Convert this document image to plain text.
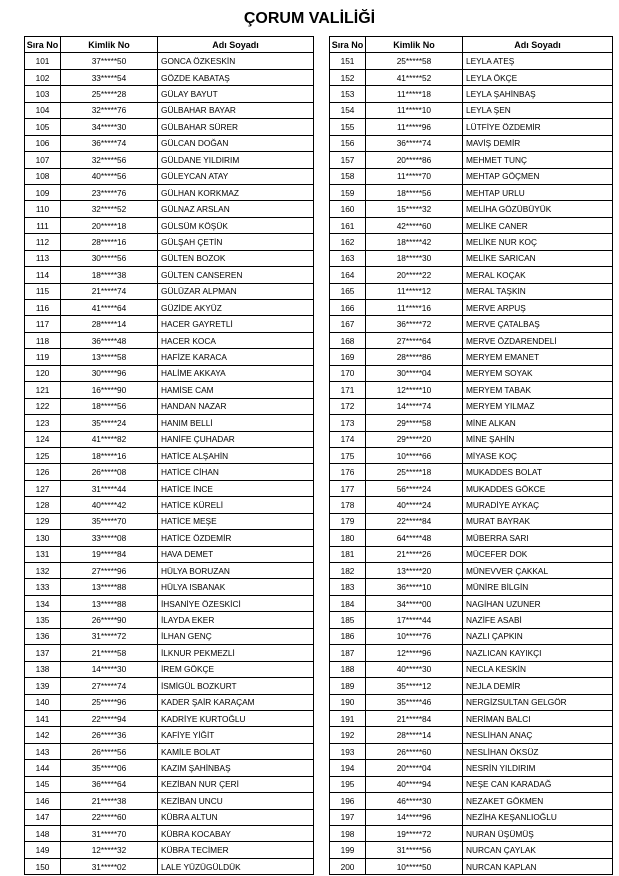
ÇORUM VALİLİĞİ
Sıra No	Kimlik No	Adı Soyadı
101	37*****50	GONCA ÖZKESKİN
102	33*****54	GÖZDE KABATAŞ
103	25*****28	GÜLAY BAYUT
104	32*****76	GÜLBAHAR BAYAR
105	34*****30	GÜLBAHAR SÜRER
106	36*****74	GÜLCAN DOĞAN
107	32*****56	GÜLDANE YILDIRIM
108	40*****56	GÜLEYCAN ATAY
109	23*****76	GÜLHAN KORKMAZ
110	32*****52	GÜLNAZ ARSLAN
111	20*****18	GÜLSÜM KÖŞÜK
112	28*****16	GÜLŞAH ÇETİN
113	30*****56	GÜLTEN BOZOK
114	18*****38	GÜLTEN CANSEREN
115	21*****74	GÜLÜZAR ALPMAN
116	41*****64	GÜZİDE AKYÜZ
117	28*****14	HACER GAYRETLİ
118	36*****48	HACER KOCA
119	13*****58	HAFİZE KARACA
120	30*****96	HALİME AKKAYA
121	16*****90	HAMİSE CAM
122	18*****56	HANDAN NAZAR
123	35*****24	HANIM BELLİ
124	41*****82	HANİFE ÇUHADAR
125	18*****16	HATİCE ALŞAHİN
126	26*****08	HATİCE CİHAN
127	31*****44	HATİCE İNCE
128	40*****42	HATİCE KÜRELİ
129	35*****70	HATİCE MEŞE
130	33*****08	HATİCE ÖZDEMİR
131	19*****84	HAVA DEMET
132	27*****96	HÜLYA BORUZAN
133	13*****88	HÜLYA ISBANAK
134	13*****88	İHSANİYE ÖZESKİCİ
135	26*****90	İLAYDA EKER
136	31*****72	İLHAN GENÇ
137	21*****58	İLKNUR PEKMEZLİ
138	14*****30	İREM GÖKÇE
139	27*****74	İSMİGÜL BOZKURT
140	25*****96	KADER ŞAİR KARAÇAM
141	22*****94	KADRİYE KURTOĞLU
142	26*****36	KAFİYE YİĞİT
143	26*****56	KAMİLE BOLAT
144	35*****06	KAZIM ŞAHİNBAŞ
145	36*****64	KEZİBAN NUR ÇERİ
146	21*****38	KEZİBAN UNCU
147	22*****60	KÜBRA ALTUN
148	31*****70	KÜBRA KOCABAY
149	12*****32	KÜBRA TECİMER
150	31*****02	LALE YÜZÜGÜLDÜK
Sıra No	Kimlik No	Adı Soyadı
151	25*****58	LEYLA ATEŞ
152	41*****52	LEYLA ÖKÇE
153	11*****18	LEYLA ŞAHİNBAŞ
154	11*****10	LEYLA ŞEN
155	11*****96	LÜTFİYE ÖZDEMİR
156	36*****74	MAVİŞ DEMİR
157	20*****86	MEHMET TUNÇ
158	11*****70	MEHTAP GÖÇMEN
159	18*****56	MEHTAP URLU
160	15*****32	MELİHA GÖZÜBÜYÜK
161	42*****60	MELİKE CANER
162	18*****42	MELİKE NUR KOÇ
163	18*****30	MELİKE SARICAN
164	20*****22	MERAL KOÇAK
165	11*****12	MERAL TAŞKIN
166	11*****16	MERVE ARPUŞ
167	36*****72	MERVE ÇATALBAŞ
168	27*****64	MERVE ÖZDARENDELİ
169	28*****86	MERYEM EMANET
170	30*****04	MERYEM SOYAK
171	12*****10	MERYEM TABAK
172	14*****74	MERYEM YILMAZ
173	29*****58	MİNE ALKAN
174	29*****20	MİNE ŞAHİN
175	10*****66	MİYASE KOÇ
176	25*****18	MUKADDES BOLAT
177	56*****24	MUKADDES GÖKCE
178	40*****24	MURADİYE AYKAÇ
179	22*****84	MURAT BAYRAK
180	64*****48	MÜBERRA SARI
181	21*****26	MÜCEFER DOK
182	13*****20	MÜNEVVER ÇAKKAL
183	36*****10	MÜNİRE BİLGİN
184	34*****00	NAGİHAN UZUNER
185	17*****44	NAZİFE ASABİ
186	10*****76	NAZLI ÇAPKIN
187	12*****96	NAZLICAN KAYIKÇI
188	40*****30	NECLA KESKİN
189	35*****12	NEJLA DEMİR
190	35*****46	NERGİZSULTAN GELGÖR
191	21*****84	NERİMAN BALCI
192	28*****14	NESLİHAN ANAÇ
193	26*****60	NESLİHAN ÖKSÜZ
194	20*****04	NESRİN YILDIRIM
195	40*****94	NEŞE CAN KARADAĞ
196	46*****30	NEZAKET GÖKMEN
197	14*****96	NEZİHA KEŞANLIOĞLU
198	19*****72	NURAN ÜŞÜMÜŞ
199	31*****56	NURCAN ÇAYLAK
200	10*****50	NURCAN KAPLAN
